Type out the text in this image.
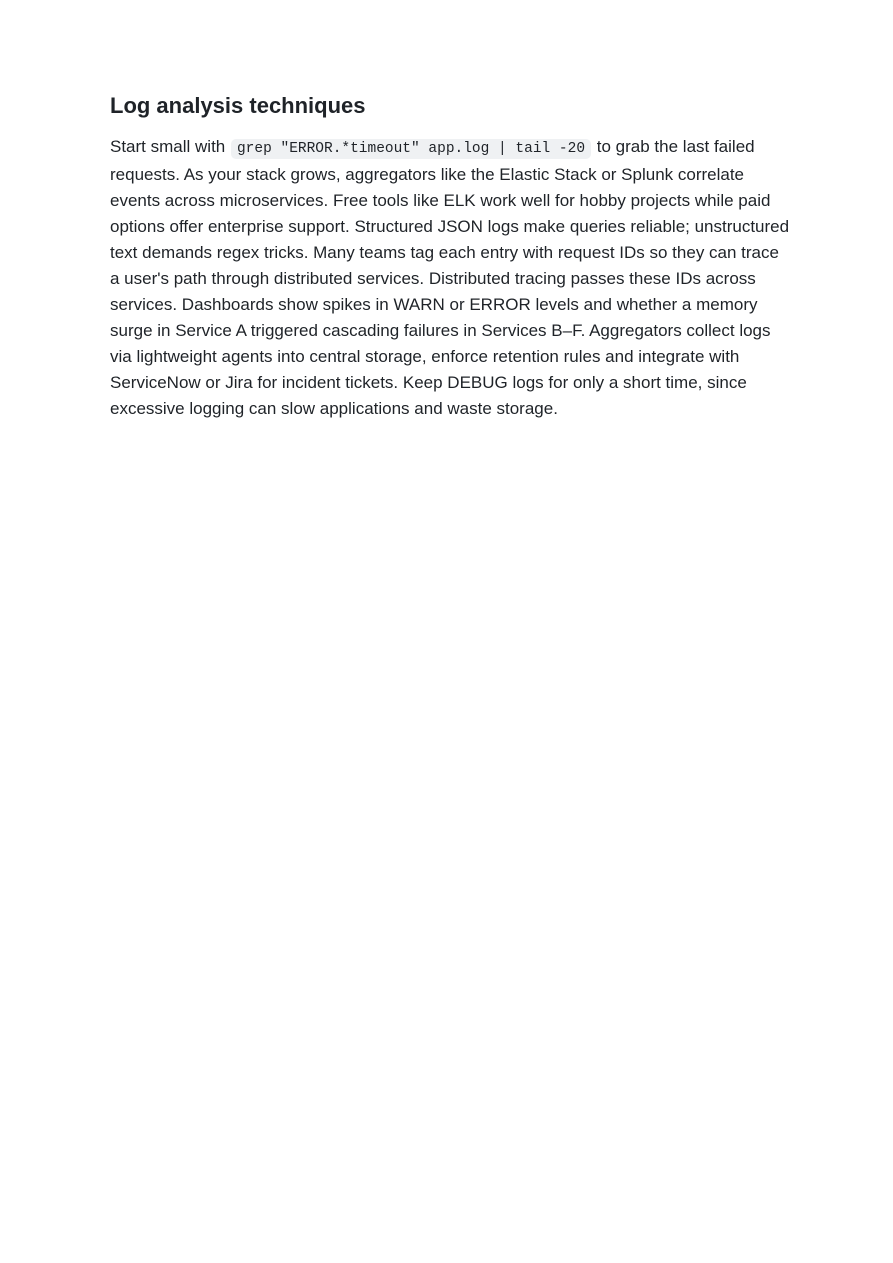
Log analysis techniques

Start small with grep "ERROR.*timeout" app.log | tail -20 to grab the last failed requests. As your stack grows, aggregators like the Elastic Stack or Splunk correlate events across microservices. Free tools like ELK work well for hobby projects while paid options offer enterprise support. Structured JSON logs make queries reliable; unstructured text demands regex tricks. Many teams tag each entry with request IDs so they can trace a user's path through distributed services. Distributed tracing passes these IDs across services. Dashboards show spikes in WARN or ERROR levels and whether a memory surge in Service A triggered cascading failures in Services B–F. Aggregators collect logs via lightweight agents into central storage, enforce retention rules and integrate with ServiceNow or Jira for incident tickets. Keep DEBUG logs for only a short time, since excessive logging can slow applications and waste storage.
